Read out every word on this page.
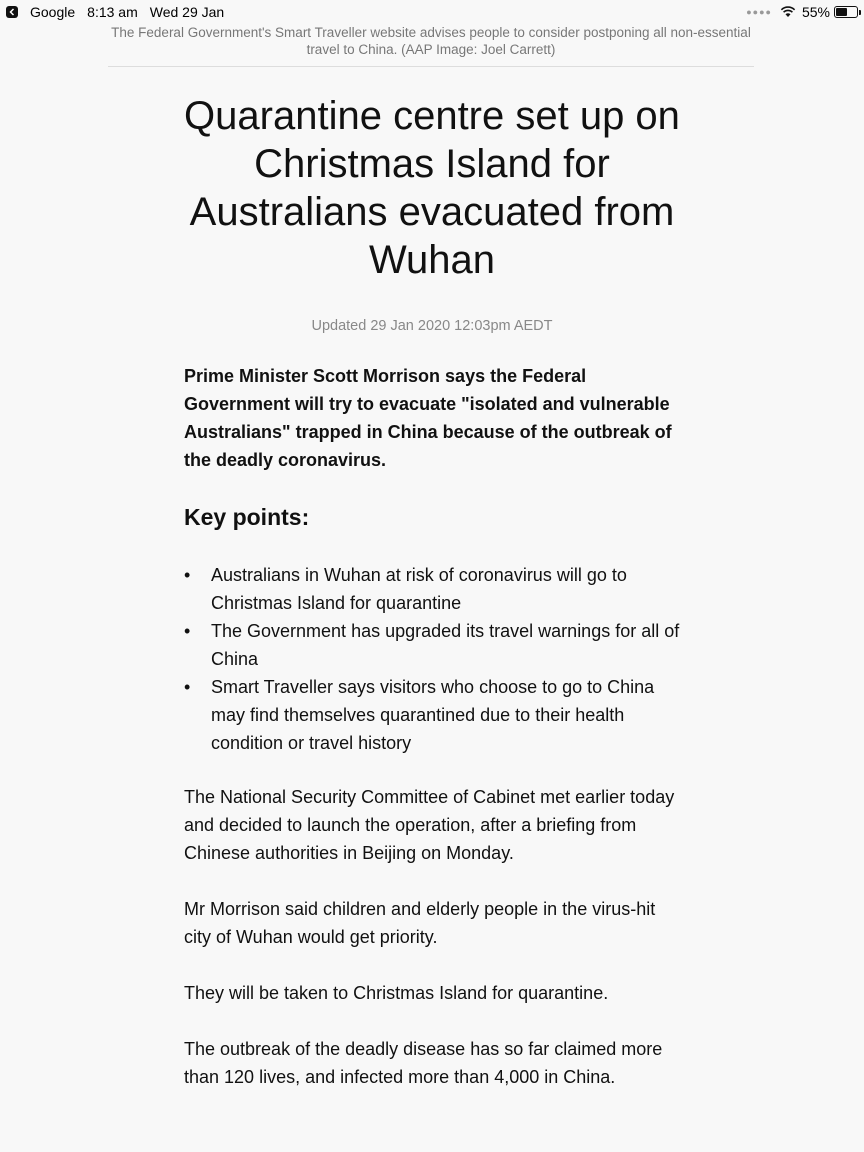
Google 8:13 am Wed 29 Jan	●●●● 55%
The Federal Government's Smart Traveller website advises people to consider postponing all non-essential travel to China. (AAP Image: Joel Carrett)
Quarantine centre set up on Christmas Island for Australians evacuated from Wuhan
Updated 29 Jan 2020 12:03pm AEDT

Prime Minister Scott Morrison says the Federal Government will try to evacuate "isolated and vulnerable Australians" trapped in China because of the outbreak of the deadly coronavirus.

Key points:
• Australians in Wuhan at risk of coronavirus will go to Christmas Island for quarantine
• The Government has upgraded its travel warnings for all of China
• Smart Traveller says visitors who choose to go to China may find themselves quarantined due to their health condition or travel history

The National Security Committee of Cabinet met earlier today and decided to launch the operation, after a briefing from Chinese authorities in Beijing on Monday.

Mr Morrison said children and elderly people in the virus-hit city of Wuhan would get priority.

They will be taken to Christmas Island for quarantine.

The outbreak of the deadly disease has so far claimed more than 120 lives, and infected more than 4,000 in China.
